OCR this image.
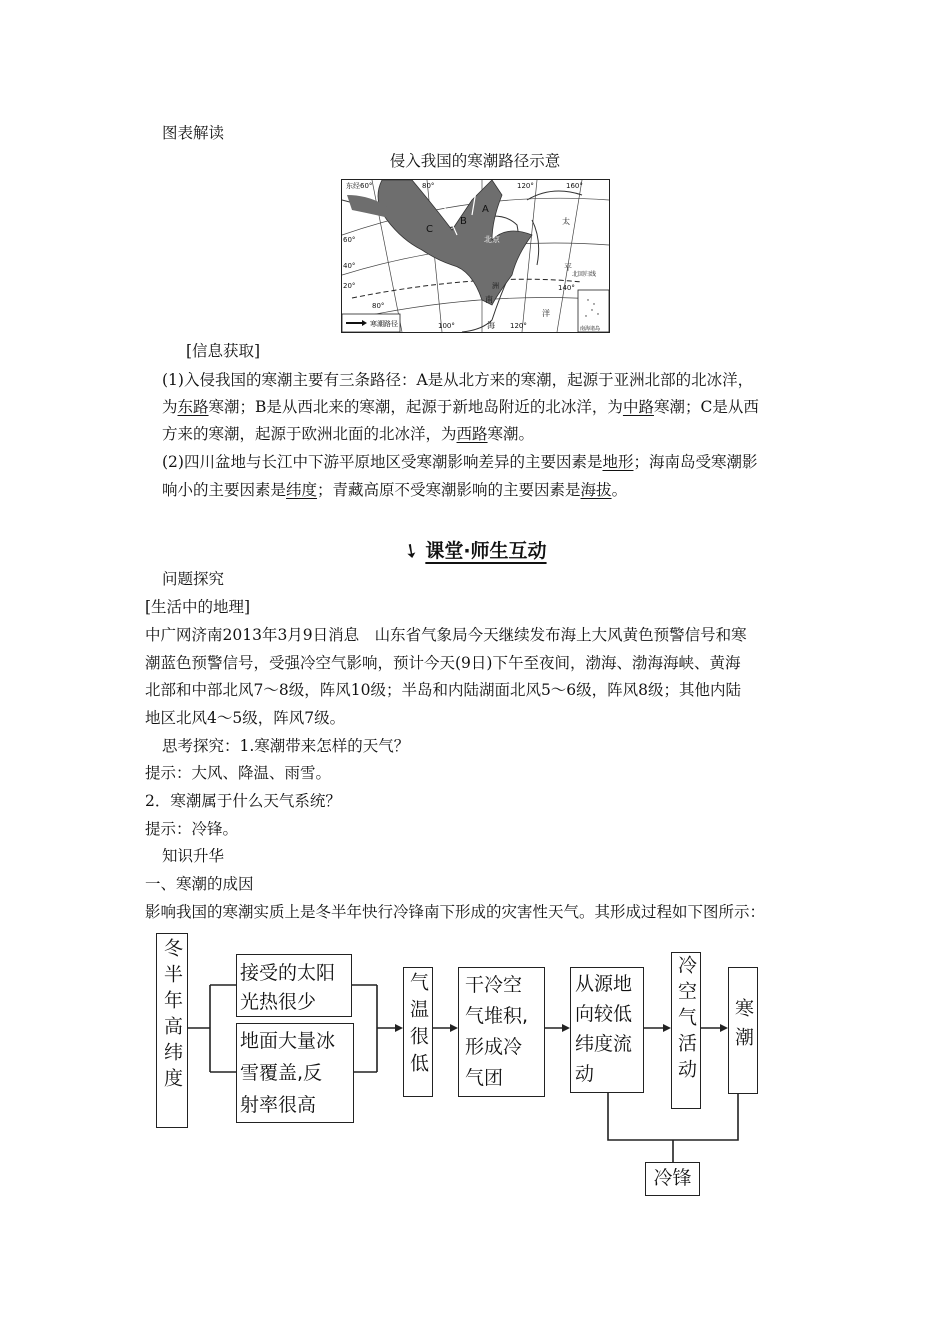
图表解读
侵入我国的寒潮路径示意
东经60°	80°	120°	160°
60°
40°
20°
80°
100°	120°
140°
A
B
C
北京
太
平
洋
南
海
洲
北回归线
寒潮路径
南海诸岛
[信息获取]
(1)入侵我国的寒潮主要有三条路径：A是从北方来的寒潮，起源于亚洲北部的北冰洋，
为东路寒潮；B是从西北来的寒潮，起源于新地岛附近的北冰洋，为中路寒潮；C是从西
方来的寒潮，起源于欧洲北面的北冰洋，为西路寒潮。
(2)四川盆地与长江中下游平原地区受寒潮影响差异的主要因素是地形；海南岛受寒潮影
响小的主要因素是纬度；青藏高原不受寒潮影响的主要因素是海拔。
➘课堂·师生互动
问题探究
[生活中的地理]
中广网济南2013年3月9日消息　山东省气象局今天继续发布海上大风黄色预警信号和寒
潮蓝色预警信号，受强冷空气影响，预计今天(9日)下午至夜间，渤海、渤海海峡、黄海
北部和中部北风7～8级，阵风10级；半岛和内陆湖面北风5～6级，阵风8级；其他内陆
地区北风4～5级，阵风7级。
思考探究：1.寒潮带来怎样的天气？
提示：大风、降温、雨雪。
2．寒潮属于什么天气系统？
提示：冷锋。
知识升华
一、寒潮的成因
影响我国的寒潮实质上是冬半年快行冷锋南下形成的灾害性天气。其形成过程如下图所示：
冬半年高纬度	接受的太阳
光热很少
地面大量冰
雪覆盖,反
射率很高
气温很低 干冷空
气堆积,
形成冷
气团
从源地
向较低
纬度流
动	冷空气活动 寒潮
冷锋
